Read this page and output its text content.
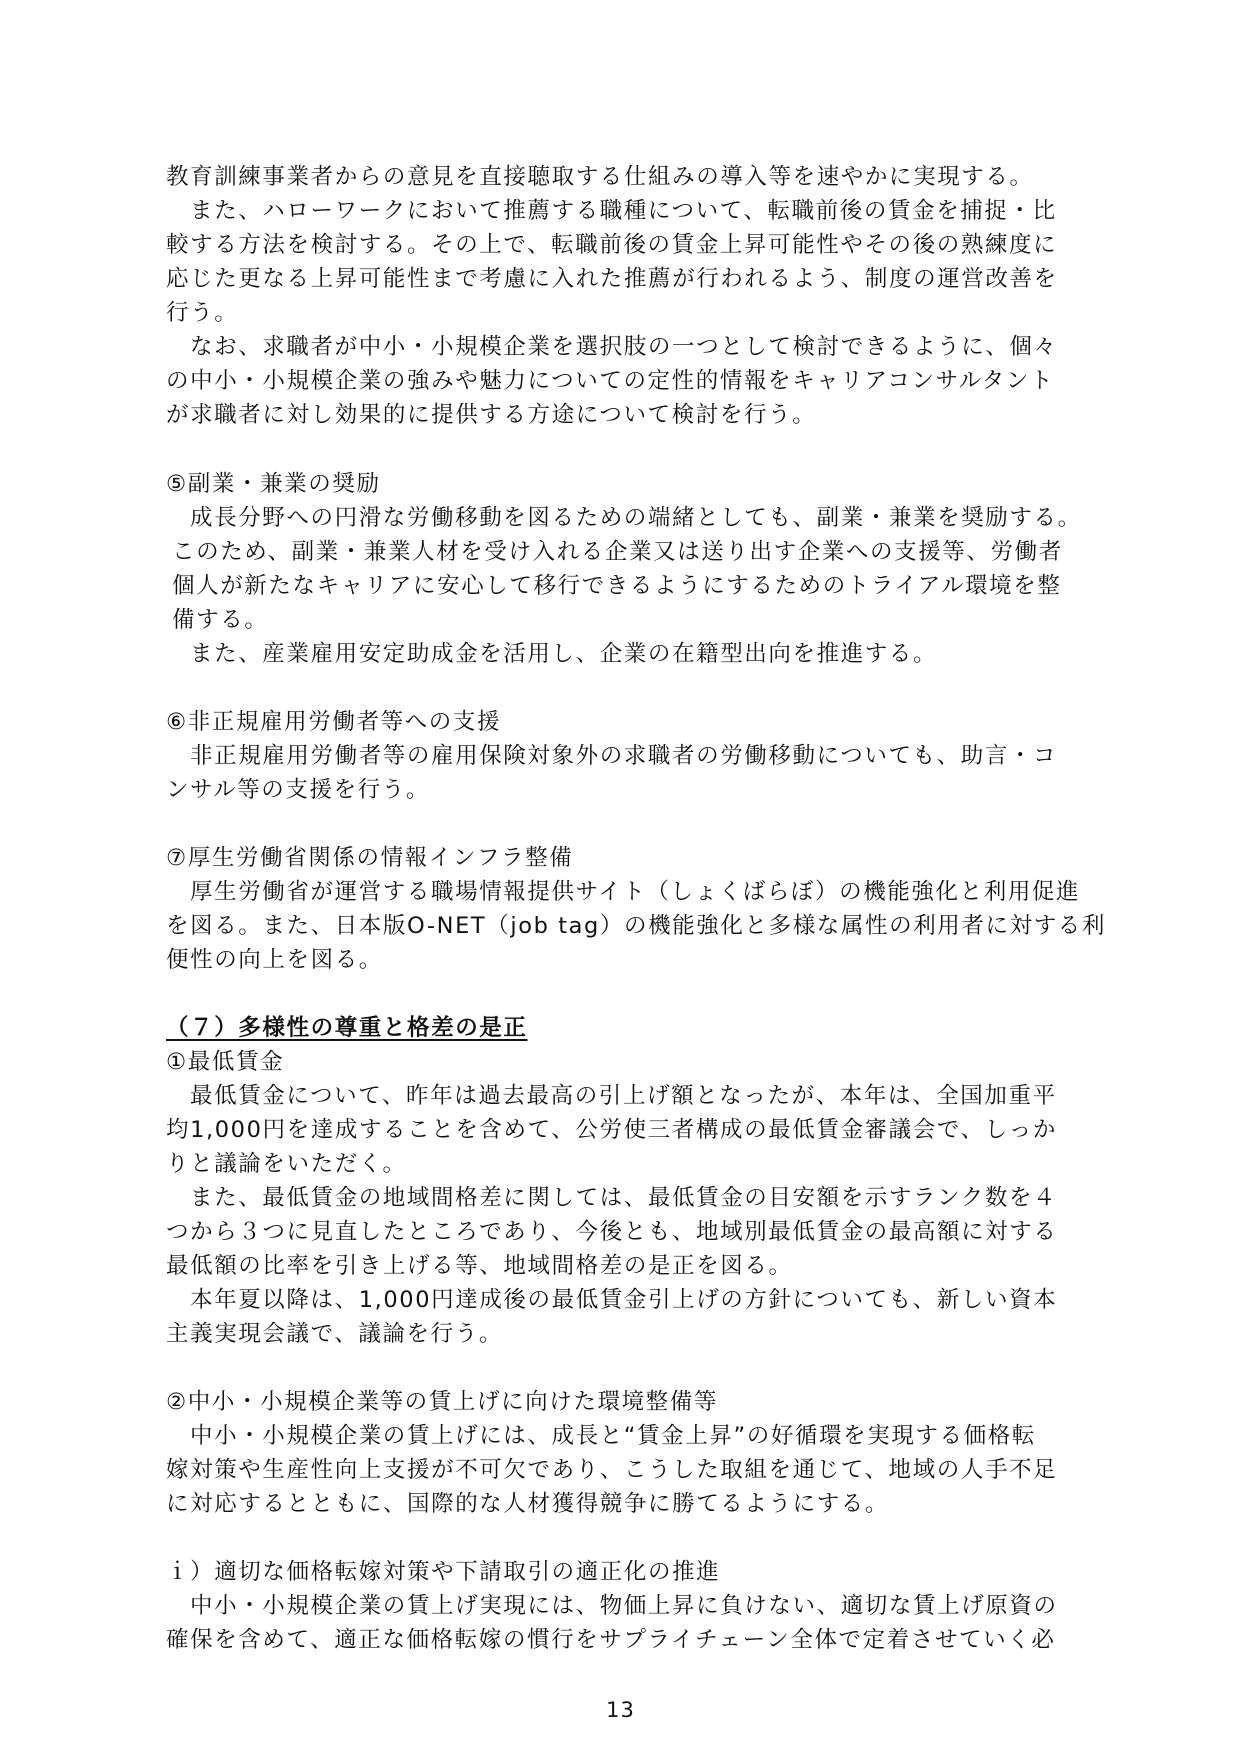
教育訓練事業者からの意見を直接聴取する仕組みの導入等を速やかに実現する。
また、ハローワークにおいて推薦する職種について、転職前後の賃金を捕捉・比
較する方法を検討する。その上で、転職前後の賃金上昇可能性やその後の熟練度に
応じた更なる上昇可能性まで考慮に入れた推薦が行われるよう、制度の運営改善を
行う。
なお、求職者が中小・小規模企業を選択肢の一つとして検討できるように、個々
の中小・小規模企業の強みや魅力についての定性的情報をキャリアコンサルタント
が求職者に対し効果的に提供する方途について検討を行う。
⑤副業・兼業の奨励
成長分野への円滑な労働移動を図るための端緒としても、副業・兼業を奨励する。
このため、副業・兼業人材を受け入れる企業又は送り出す企業への支援等、労働者
個人が新たなキャリアに安心して移行できるようにするためのトライアル環境を整
備する。
また、産業雇用安定助成金を活用し、企業の在籍型出向を推進する。
⑥非正規雇用労働者等への支援
非正規雇用労働者等の雇用保険対象外の求職者の労働移動についても、助言・コ
ンサル等の支援を行う。
⑦厚生労働省関係の情報インフラ整備
厚生労働省が運営する職場情報提供サイト（しょくばらぼ）の機能強化と利用促進
を図る。また、日本版O-NET（job tag）の機能強化と多様な属性の利用者に対する利
便性の向上を図る。
（７）多様性の尊重と格差の是正
①最低賃金
最低賃金について、昨年は過去最高の引上げ額となったが、本年は、全国加重平
均1,000円を達成することを含めて、公労使三者構成の最低賃金審議会で、しっか
りと議論をいただく。
また、最低賃金の地域間格差に関しては、最低賃金の目安額を示すランク数を４
つから３つに見直したところであり、今後とも、地域別最低賃金の最高額に対する
最低額の比率を引き上げる等、地域間格差の是正を図る。
本年夏以降は、1,000円達成後の最低賃金引上げの方針についても、新しい資本
主義実現会議で、議論を行う。
②中小・小規模企業等の賃上げに向けた環境整備等
中小・小規模企業の賃上げには、成長と“賃金上昇”の好循環を実現する価格転
嫁対策や生産性向上支援が不可欠であり、こうした取組を通じて、地域の人手不足
に対応するとともに、国際的な人材獲得競争に勝てるようにする。
ｉ）適切な価格転嫁対策や下請取引の適正化の推進
中小・小規模企業の賃上げ実現には、物価上昇に負けない、適切な賃上げ原資の
確保を含めて、適正な価格転嫁の慣行をサプライチェーン全体で定着させていく必
13
